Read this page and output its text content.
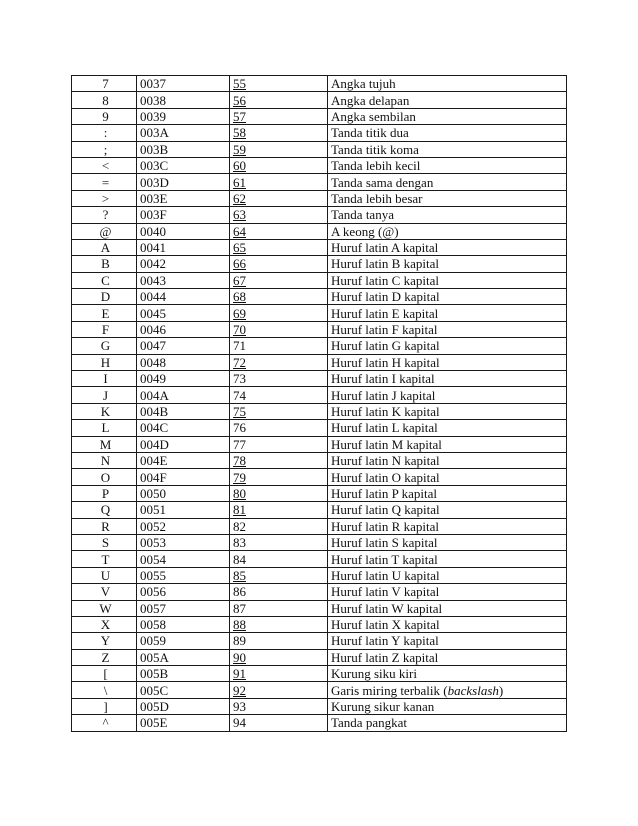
7	0037	55	Angka tujuh
8	0038	56	Angka delapan
9	0039	57	Angka sembilan
:	003A	58	Tanda titik dua
;	003B	59	Tanda titik koma
<	003C	60	Tanda lebih kecil
=	003D	61	Tanda sama dengan
>	003E	62	Tanda lebih besar
?	003F	63	Tanda tanya
@	0040	64	A keong (@)
A	0041	65	Huruf latin A kapital
B	0042	66	Huruf latin B kapital
C	0043	67	Huruf latin C kapital
D	0044	68	Huruf latin D kapital
E	0045	69	Huruf latin E kapital
F	0046	70	Huruf latin F kapital
G	0047	71	Huruf latin G kapital
H	0048	72	Huruf latin H kapital
I	0049	73	Huruf latin I kapital
J	004A	74	Huruf latin J kapital
K	004B	75	Huruf latin K kapital
L	004C	76	Huruf latin L kapital
M	004D	77	Huruf latin M kapital
N	004E	78	Huruf latin N kapital
O	004F	79	Huruf latin O kapital
P	0050	80	Huruf latin P kapital
Q	0051	81	Huruf latin Q kapital
R	0052	82	Huruf latin R kapital
S	0053	83	Huruf latin S kapital
T	0054	84	Huruf latin T kapital
U	0055	85	Huruf latin U kapital
V	0056	86	Huruf latin V kapital
W	0057	87	Huruf latin W kapital
X	0058	88	Huruf latin X kapital
Y	0059	89	Huruf latin Y kapital
Z	005A	90	Huruf latin Z kapital
[	005B	91	Kurung siku kiri
\	005C	92	Garis miring terbalik (backslash)
]	005D	93	Kurung sikur kanan
^	005E	94	Tanda pangkat
